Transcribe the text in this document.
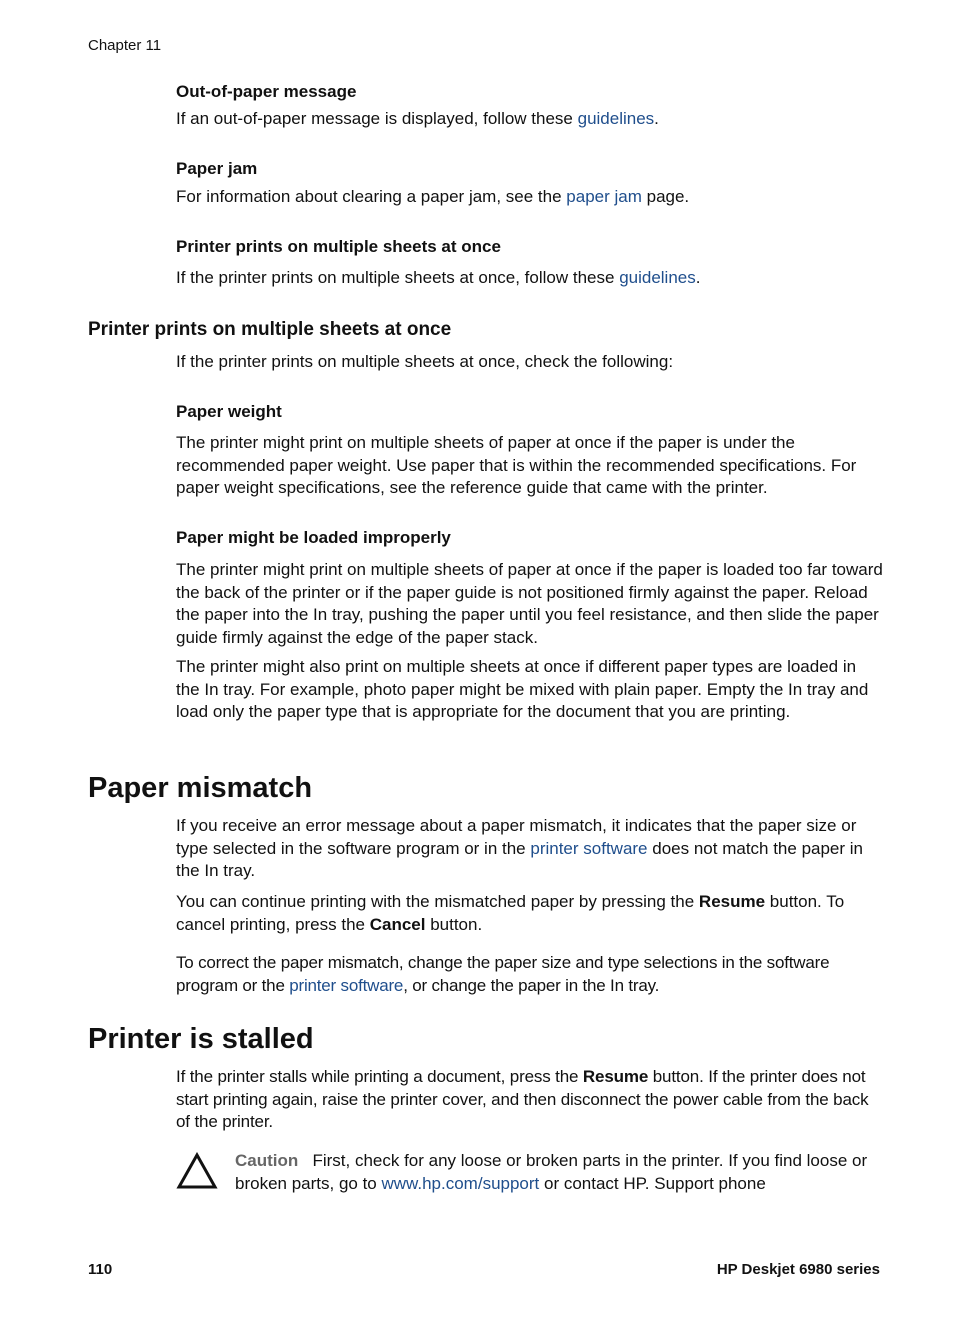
Chapter 11

Out-of-paper message

If an out-of-paper message is displayed, follow these guidelines.

Paper jam

For information about clearing a paper jam, see the paper jam page.

Printer prints on multiple sheets at once

If the printer prints on multiple sheets at once, follow these guidelines.

Printer prints on multiple sheets at once

If the printer prints on multiple sheets at once, check the following:

Paper weight

The printer might print on multiple sheets of paper at once if the paper is under the recommended paper weight. Use paper that is within the recommended specifications. For paper weight specifications, see the reference guide that came with the printer.

Paper might be loaded improperly

The printer might print on multiple sheets of paper at once if the paper is loaded too far toward the back of the printer or if the paper guide is not positioned firmly against the paper. Reload the paper into the In tray, pushing the paper until you feel resistance, and then slide the paper guide firmly against the edge of the paper stack.

The printer might also print on multiple sheets at once if different paper types are loaded in the In tray. For example, photo paper might be mixed with plain paper. Empty the In tray and load only the paper type that is appropriate for the document that you are printing.

Paper mismatch

If you receive an error message about a paper mismatch, it indicates that the paper size or type selected in the software program or in the printer software does not match the paper in the In tray.

You can continue printing with the mismatched paper by pressing the Resume button. To cancel printing, press the Cancel button.

To correct the paper mismatch, change the paper size and type selections in the software program or the printer software, or change the paper in the In tray.

Printer is stalled

If the printer stalls while printing a document, press the Resume button. If the printer does not start printing again, raise the printer cover, and then disconnect the power cable from the back of the printer.

Caution   First, check for any loose or broken parts in the printer. If you find loose or broken parts, go to www.hp.com/support or contact HP. Support phone

110	HP Deskjet 6980 series
